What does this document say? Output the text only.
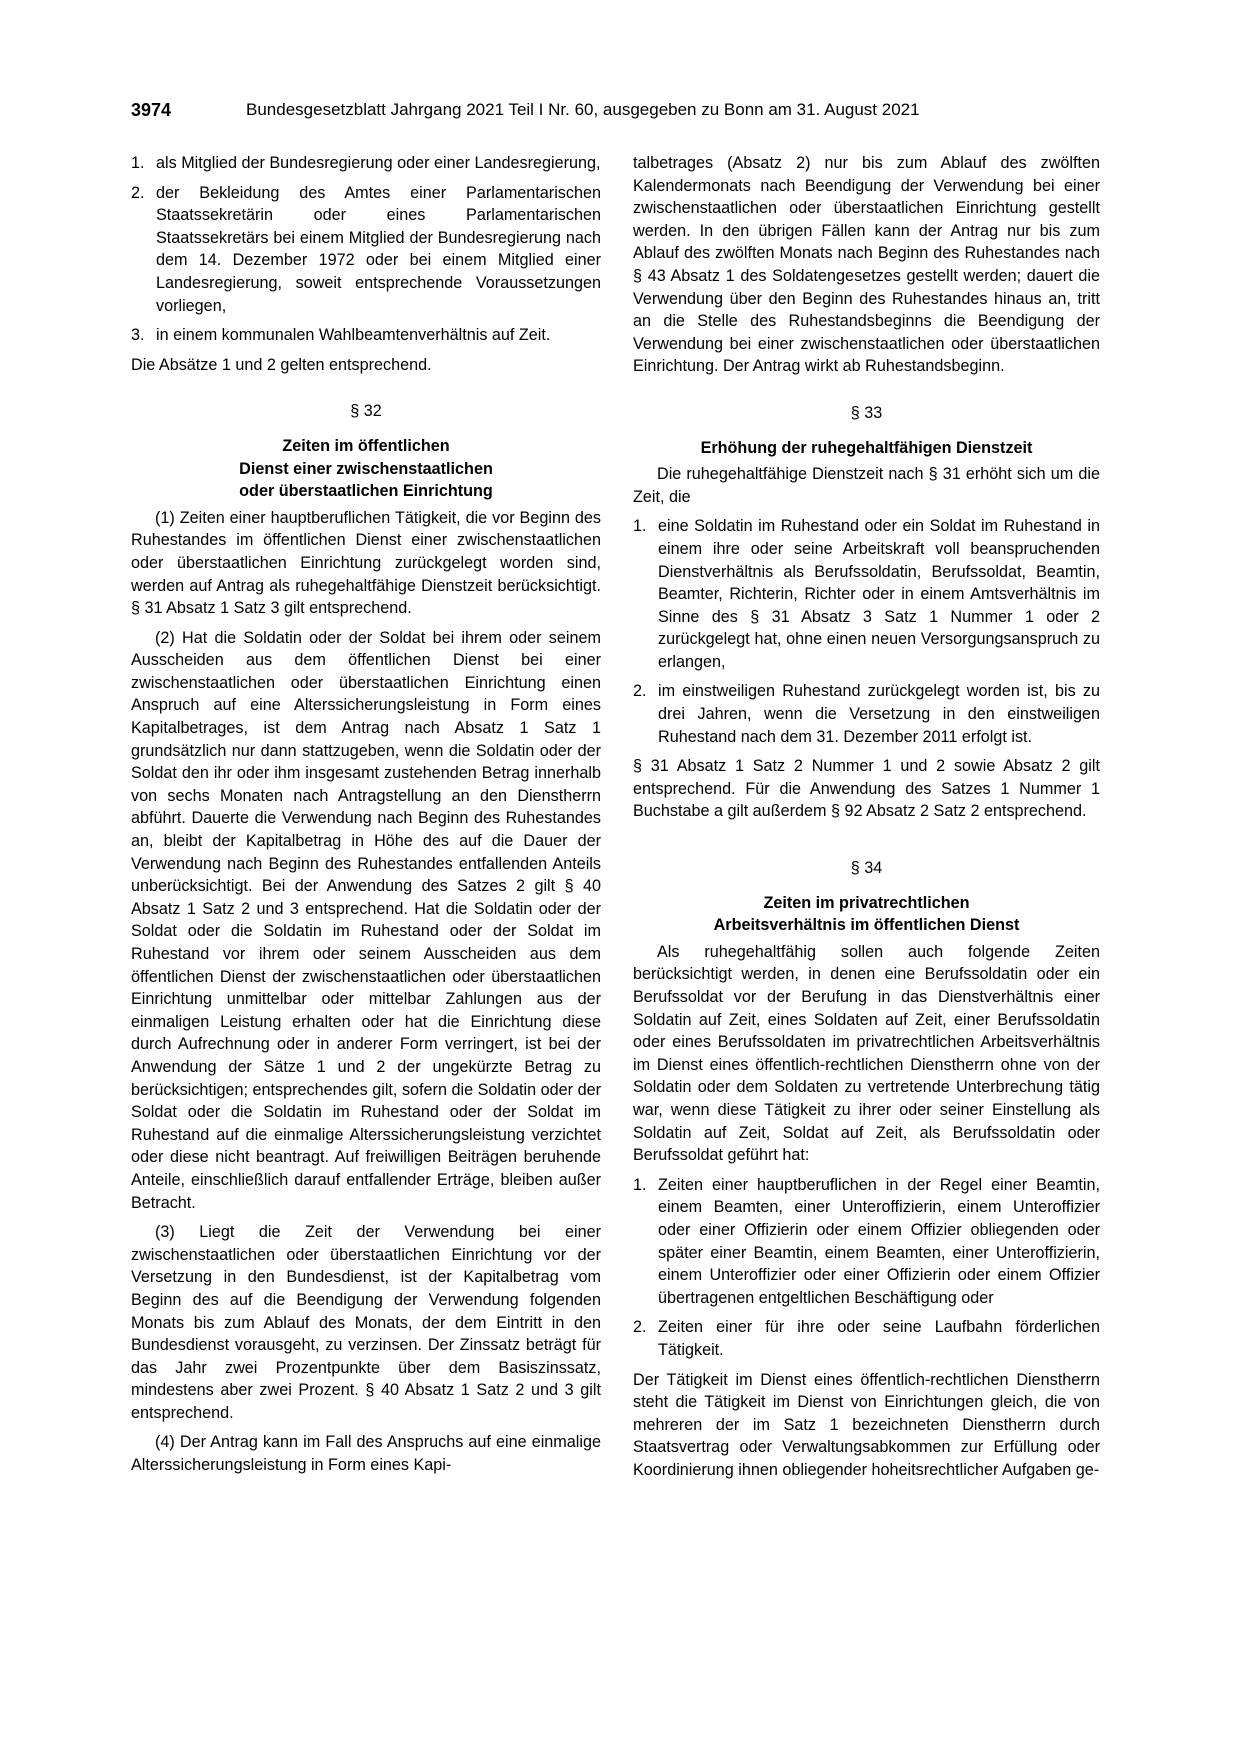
3974	Bundesgesetzblatt Jahrgang 2021 Teil I Nr. 60, ausgegeben zu Bonn am 31. August 2021
1. als Mitglied der Bundesregierung oder einer Landesregierung,
2. der Bekleidung des Amtes einer Parlamentarischen Staatssekretärin oder eines Parlamentarischen Staatssekretärs bei einem Mitglied der Bundesregierung nach dem 14. Dezember 1972 oder bei einem Mitglied einer Landesregierung, soweit entsprechende Voraussetzungen vorliegen,
3. in einem kommunalen Wahlbeamtenverhältnis auf Zeit.

Die Absätze 1 und 2 gelten entsprechend.

§ 32
Zeiten im öffentlichen
Dienst einer zwischenstaatlichen
oder überstaatlichen Einrichtung

(1) Zeiten einer hauptberuflichen Tätigkeit, die vor Beginn des Ruhestandes im öffentlichen Dienst einer zwischenstaatlichen oder überstaatlichen Einrichtung zurückgelegt worden sind, werden auf Antrag als ruhegehaltfähige Dienstzeit berücksichtigt. § 31 Absatz 1 Satz 3 gilt entsprechend.

(2) Hat die Soldatin oder der Soldat bei ihrem oder seinem Ausscheiden aus dem öffentlichen Dienst bei einer zwischenstaatlichen oder überstaatlichen Einrichtung einen Anspruch auf eine Alterssicherungsleistung in Form eines Kapitalbetrages, ist dem Antrag nach Absatz 1 Satz 1 grundsätzlich nur dann stattzugeben, wenn die Soldatin oder der Soldat den ihr oder ihm insgesamt zustehenden Betrag innerhalb von sechs Monaten nach Antragstellung an den Dienstherrn abführt. Dauerte die Verwendung nach Beginn des Ruhestandes an, bleibt der Kapitalbetrag in Höhe des auf die Dauer der Verwendung nach Beginn des Ruhestandes entfallenden Anteils unberücksichtigt. Bei der Anwendung des Satzes 2 gilt § 40 Absatz 1 Satz 2 und 3 entsprechend. Hat die Soldatin oder der Soldat oder die Soldatin im Ruhestand oder der Soldat im Ruhestand vor ihrem oder seinem Ausscheiden aus dem öffentlichen Dienst der zwischenstaatlichen oder überstaatlichen Einrichtung unmittelbar oder mittelbar Zahlungen aus der einmaligen Leistung erhalten oder hat die Einrichtung diese durch Aufrechnung oder in anderer Form verringert, ist bei der Anwendung der Sätze 1 und 2 der ungekürzte Betrag zu berücksichtigen; entsprechendes gilt, sofern die Soldatin oder der Soldat oder die Soldatin im Ruhestand oder der Soldat im Ruhestand auf die einmalige Alterssicherungsleistung verzichtet oder diese nicht beantragt. Auf freiwilligen Beiträgen beruhende Anteile, einschließlich darauf entfallender Erträge, bleiben außer Betracht.

(3) Liegt die Zeit der Verwendung bei einer zwischenstaatlichen oder überstaatlichen Einrichtung vor der Versetzung in den Bundesdienst, ist der Kapitalbetrag vom Beginn des auf die Beendigung der Verwendung folgenden Monats bis zum Ablauf des Monats, der dem Eintritt in den Bundesdienst vorausgeht, zu verzinsen. Der Zinssatz beträgt für das Jahr zwei Prozentpunkte über dem Basiszinssatz, mindestens aber zwei Prozent. § 40 Absatz 1 Satz 2 und 3 gilt entsprechend.

(4) Der Antrag kann im Fall des Anspruchs auf eine einmalige Alterssicherungsleistung in Form eines Kapi-

talbetrages (Absatz 2) nur bis zum Ablauf des zwölften Kalendermonats nach Beendigung der Verwendung bei einer zwischenstaatlichen oder überstaatlichen Einrichtung gestellt werden. In den übrigen Fällen kann der Antrag nur bis zum Ablauf des zwölften Monats nach Beginn des Ruhestandes nach § 43 Absatz 1 des Soldatengesetzes gestellt werden; dauert die Verwendung über den Beginn des Ruhestandes hinaus an, tritt an die Stelle des Ruhestandsbeginns die Beendigung der Verwendung bei einer zwischenstaatlichen oder überstaatlichen Einrichtung. Der Antrag wirkt ab Ruhestandsbeginn.

§ 33
Erhöhung der ruhegehaltfähigen Dienstzeit

Die ruhegehaltfähige Dienstzeit nach § 31 erhöht sich um die Zeit, die

1. eine Soldatin im Ruhestand oder ein Soldat im Ruhestand in einem ihre oder seine Arbeitskraft voll beanspruchenden Dienstverhältnis als Berufssoldatin, Berufssoldat, Beamtin, Beamter, Richterin, Richter oder in einem Amtsverhältnis im Sinne des § 31 Absatz 3 Satz 1 Nummer 1 oder 2 zurückgelegt hat, ohne einen neuen Versorgungsanspruch zu erlangen,
2. im einstweiligen Ruhestand zurückgelegt worden ist, bis zu drei Jahren, wenn die Versetzung in den einstweiligen Ruhestand nach dem 31. Dezember 2011 erfolgt ist.

§ 31 Absatz 1 Satz 2 Nummer 1 und 2 sowie Absatz 2 gilt entsprechend. Für die Anwendung des Satzes 1 Nummer 1 Buchstabe a gilt außerdem § 92 Absatz 2 Satz 2 entsprechend.

§ 34
Zeiten im privatrechtlichen
Arbeitsverhältnis im öffentlichen Dienst

Als ruhegehaltfähig sollen auch folgende Zeiten berücksichtigt werden, in denen eine Berufssoldatin oder ein Berufssoldat vor der Berufung in das Dienstverhältnis einer Soldatin auf Zeit, eines Soldaten auf Zeit, einer Berufssoldatin oder eines Berufssoldaten im privatrechtlichen Arbeitsverhältnis im Dienst eines öffentlich-rechtlichen Dienstherrn ohne von der Soldatin oder dem Soldaten zu vertretende Unterbrechung tätig war, wenn diese Tätigkeit zu ihrer oder seiner Einstellung als Soldatin auf Zeit, Soldat auf Zeit, als Berufssoldatin oder Berufssoldat geführt hat:

1. Zeiten einer hauptberuflichen in der Regel einer Beamtin, einem Beamten, einer Unteroffizierin, einem Unteroffizier oder einer Offizierin oder einem Offizier obliegenden oder später einer Beamtin, einem Beamten, einer Unteroffizierin, einem Unteroffizier oder einer Offizierin oder einem Offizier übertragenen entgeltlichen Beschäftigung oder
2. Zeiten einer für ihre oder seine Laufbahn förderlichen Tätigkeit.

Der Tätigkeit im Dienst eines öffentlich-rechtlichen Dienstherrn steht die Tätigkeit im Dienst von Einrichtungen gleich, die von mehreren der im Satz 1 bezeichneten Dienstherrn durch Staatsvertrag oder Verwaltungsabkommen zur Erfüllung oder Koordinierung ihnen obliegender hoheitsrechtlicher Aufgaben ge-
